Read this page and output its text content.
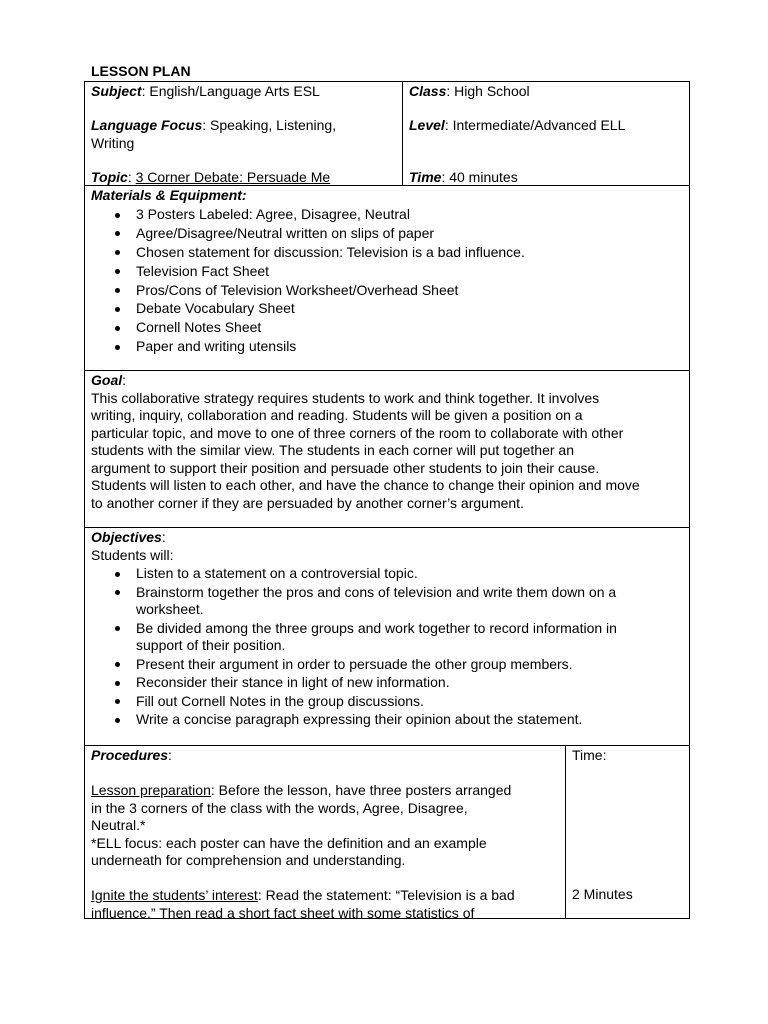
LESSON PLAN
Subject: English/Language Arts ESL
Language Focus: Speaking, Listening,
Writing
Topic: 3 Corner Debate: Persuade Me
Class: High School
Level: Intermediate/Advanced ELL
Time: 40 minutes
Materials & Equipment:
3 Posters Labeled: Agree, Disagree, Neutral
Agree/Disagree/Neutral written on slips of paper
Chosen statement for discussion: Television is a bad influence.
Television Fact Sheet
Pros/Cons of Television Worksheet/Overhead Sheet
Debate Vocabulary Sheet
Cornell Notes Sheet
Paper and writing utensils
Goal:

This collaborative strategy requires students to work and think together. It involves

writing, inquiry, collaboration and reading. Students will be given a position on a

particular topic, and move to one of three corners of the room to collaborate with other

students with the similar view. The students in each corner will put together an

argument to support their position and persuade other students to join their cause.

Students will listen to each other, and have the chance to change their opinion and move

to another corner if they are persuaded by another corner’s argument.

Objectives:
Students will:
Listen to a statement on a controversial topic.
Brainstorm together the pros and cons of television and write them down on a
worksheet.
Be divided among the three groups and work together to record information in
support of their position.
Present their argument in order to persuade the other group members.
Reconsider their stance in light of new information.
Fill out Cornell Notes in the group discussions.
Write a concise paragraph expressing their opinion about the statement.
Procedures:

Lesson preparation: Before the lesson, have three posters arranged

in the 3 corners of the class with the words, Agree, Disagree,

Neutral.*

*ELL focus: each poster can have the definition and an example

underneath for comprehension and understanding.

Ignite the students’ interest: Read the statement: “Television is a bad

influence.” Then read a short fact sheet with some statistics of

Time:
2 Minutes
